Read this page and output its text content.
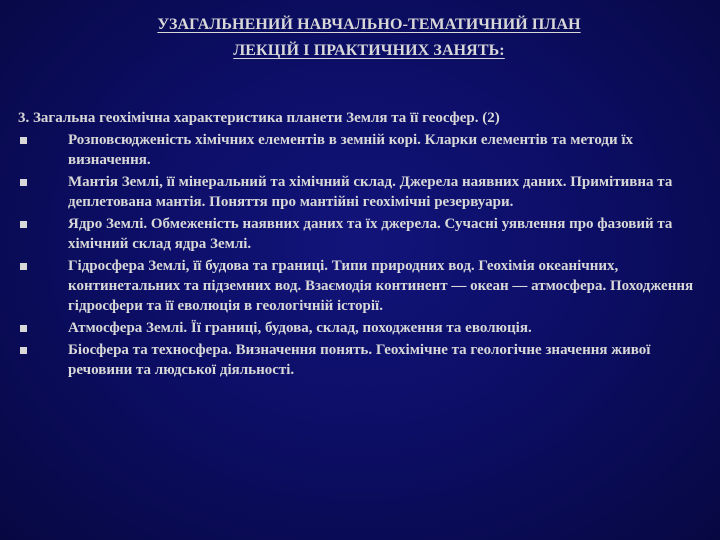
УЗАГАЛЬНЕНИЙ НАВЧАЛЬНО-ТЕМАТИЧНИЙ ПЛАН
ЛЕКЦІЙ І ПРАКТИЧНИХ ЗАНЯТЬ:
3. Загальна геохімічна характеристика планети Земля та її геосфер. (2)
Розповсюдженість хімічних елементів в земній корі. Кларки елементів та методи їх визначення.
Мантія Землі, її мінеральний та хімічний склад. Джерела наявних даних. Примітивна та деплетована мантія. Поняття про мантійні геохімічні резервуари.
Ядро Землі. Обмеженість наявних даних та їх джерела. Сучасні уявлення про фазовий та хімічний склад ядра Землі.
Гідросфера Землі, її будова та границі. Типи природних вод. Геохімія океанічних, континетальних та підземних вод. Взаємодія континент — океан — атмосфера. Походження гідросфери та її еволюція в геологічній історії.
Атмосфера Землі. Її границі, будова, склад, походження та еволюція.
Біосфера та техносфера. Визначення понять. Геохімічне та геологічне значення живої речовини та людської діяльності.
